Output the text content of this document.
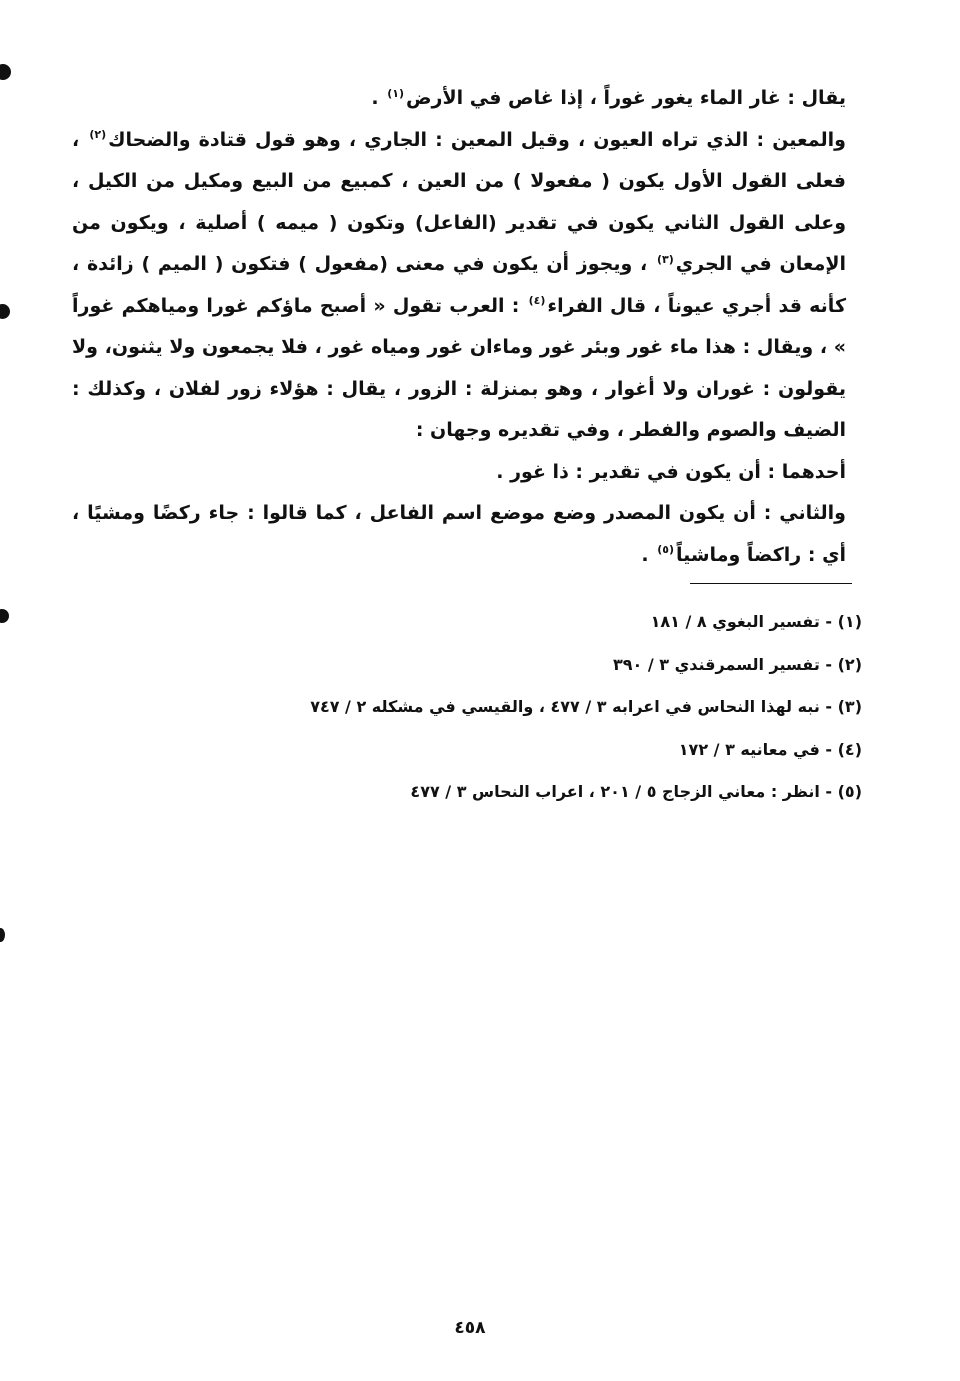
يقال : غار الماء يغور غوراً ، إذا غاص في الأرض$^{(١)}$ .

والمعين : الذي تراه العيون ، وقيل المعين : الجاري ، وهو قول قتادة والضحاك$^{(٢)}$ ، فعلى القول الأول يكون ( مفعولا ) من العين ، كمبيع من البيع ومكيل من الكيل ، وعلى القول الثاني يكون في تقدير (الفاعل) وتكون ( ميمه ) أصلية ، ويكون من الإمعان في الجري$^{(٣)}$ ، ويجوز أن يكون في معنى (مفعول ) فتكون ( الميم ) زائدة ، كأنه قد أجري عيوناً ، قال الفراء$^{(٤)}$ : العرب تقول « أصبح ماؤكم غورا ومياهكم غوراً » ، ويقال : هذا ماء غور وبئر غور وماءان غور ومياه غور ، فلا يجمعون ولا يثنون، ولا يقولون : غوران ولا أغوار ، وهو بمنزلة : الزور ، يقال : هؤلاء زور لفلان ، وكذلك : الضيف والصوم والفطر ، وفي تقديره وجهان :

أحدهما : أن يكون في تقدير : ذا غور .

والثاني : أن يكون المصدر وضع موضع اسم الفاعل ، كما قالوا : جاء ركضًا ومشيًا ، أي : راكضاً وماشياً$^{(٥)}$ .

(١) - تفسير البغوي ٨ / ١٨١
(٢) - تفسير السمرقندي ٣ / ٣٩٠
(٣) - نبه لهذا النحاس في اعرابه ٣ / ٤٧٧ ، والقيسي في مشكله ٢ / ٧٤٧
(٤) - في معانيه ٣ / ١٧٢
(٥) - انظر : معاني الزجاج ٥ / ٢٠١ ، اعراب النحاس ٣ / ٤٧٧
٤٥٨
